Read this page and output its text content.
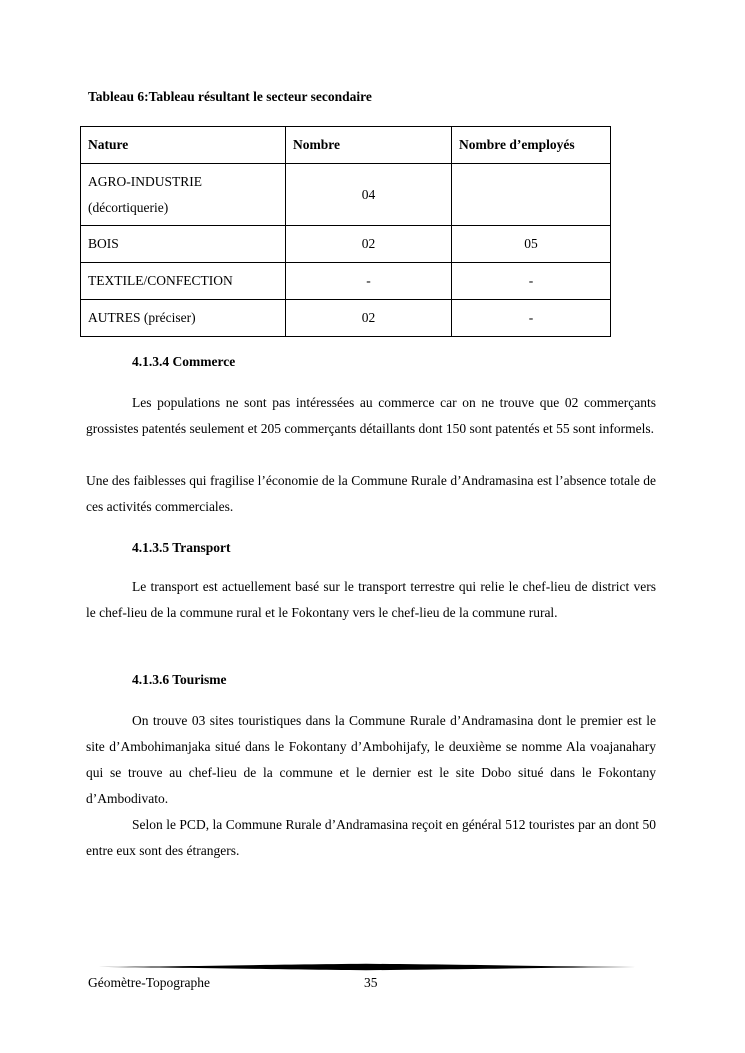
Tableau 6:Tableau résultant le secteur secondaire
Nature	Nombre	Nombre d’employés

AGRO-INDUSTRIE
(décortiquerie)	04	
BOIS	02	05
TEXTILE/CONFECTION	-	-
AUTRES (préciser)	02	-
4.1.3.4 Commerce

Les populations ne sont pas intéressées au commerce car on ne trouve que 02 commerçants grossistes patentés seulement et 205 commerçants détaillants dont 150 sont patentés et 55 sont informels.

Une des faiblesses qui fragilise l’économie de la Commune Rurale d’Andramasina est l’absence totale de ces activités commerciales.

4.1.3.5 Transport

Le transport est actuellement basé sur le transport terrestre qui relie le chef-lieu de district vers le chef-lieu de la commune rural et le Fokontany vers le chef-lieu de la commune rural.

4.1.3.6 Tourisme

On trouve 03 sites touristiques dans la Commune Rurale d’Andramasina dont le premier est le site d’Ambohimanjaka situé dans le Fokontany d’Ambohijafy, le deuxième se nomme Ala voajanahary qui se trouve au chef-lieu de la commune et le dernier est le site Dobo situé dans le Fokontany d’Ambodivato.

Selon le PCD, la Commune Rurale d’Andramasina reçoit en général 512 touristes par an dont 50 entre eux sont des étrangers.

Géomètre-Topographe	35
